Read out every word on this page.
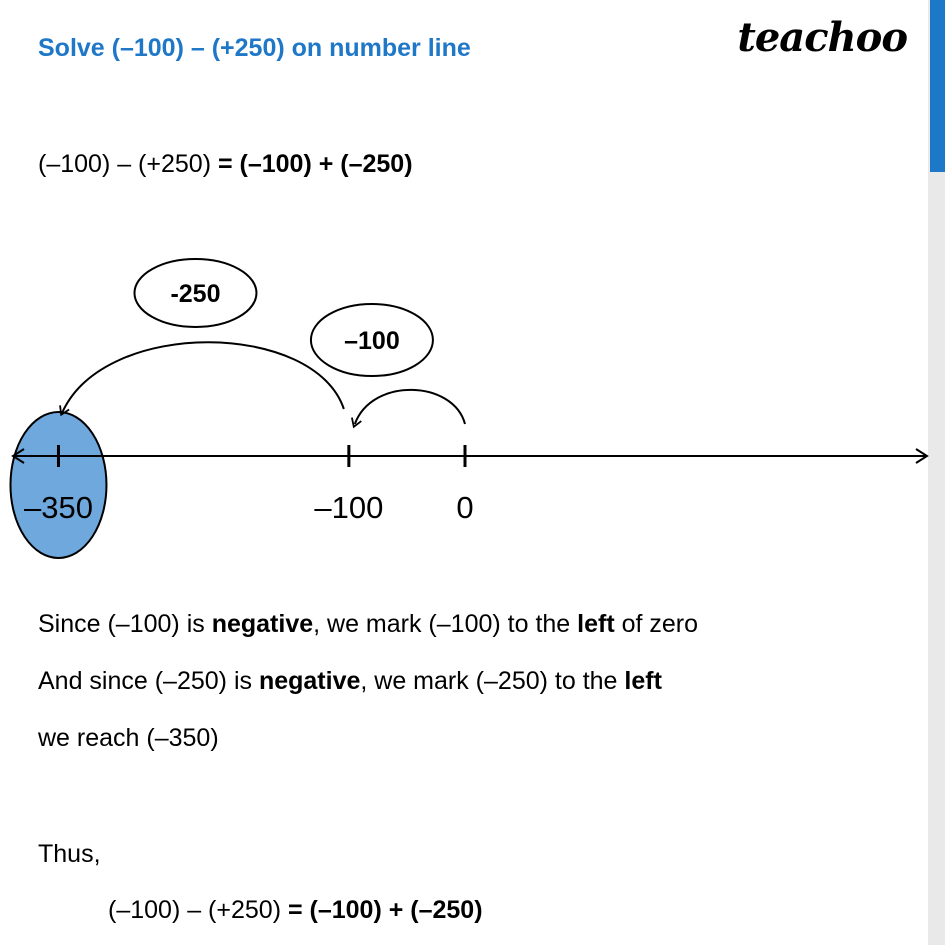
Solve (–100) – (+250) on number line	teachoo
(–100) – (+250) = (–100) + (–250)
–350	–100 0
–100
-250
Since (–100) is negative, we mark (–100) to the left of zero
And since (–250) is negative, we mark (–250) to the left
we reach (–350)
Thus,
(–100) – (+250) = (–100) + (–250)
